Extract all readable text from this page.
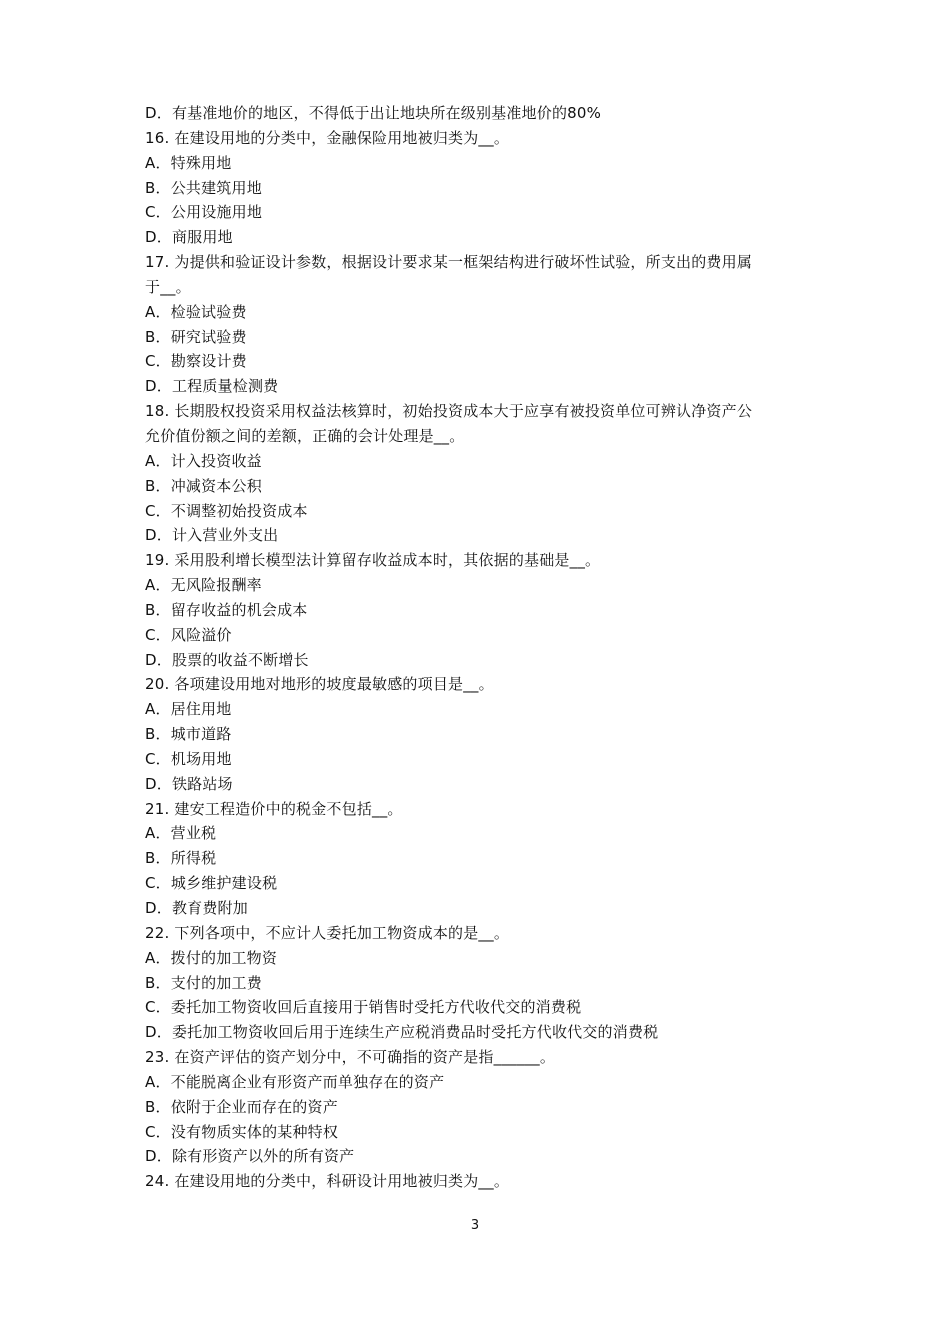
D．有基准地价的地区，不得低于出让地块所在级别基准地价的80%
16. 在建设用地的分类中，金融保险用地被归类为__。
A．特殊用地
B．公共建筑用地
C．公用设施用地
D．商服用地
17. 为提供和验证设计参数，根据设计要求某一框架结构进行破坏性试验，所支出的费用属
于__。
A．检验试验费
B．研究试验费
C．勘察设计费
D．工程质量检测费
18. 长期股权投资采用权益法核算时，初始投资成本大于应享有被投资单位可辨认净资产公
允价值份额之间的差额，正确的会计处理是__。
A．计入投资收益
B．冲减资本公积
C．不调整初始投资成本
D．计入营业外支出
19. 采用股利增长模型法计算留存收益成本时，其依据的基础是__。
A．无风险报酬率
B．留存收益的机会成本
C．风险溢价
D．股票的收益不断增长
20. 各项建设用地对地形的坡度最敏感的项目是__。
A．居住用地
B．城市道路
C．机场用地
D．铁路站场
21. 建安工程造价中的税金不包括__。
A．营业税
B．所得税
C．城乡维护建设税
D．教育费附加
22. 下列各项中，不应计人委托加工物资成本的是__。
A．拨付的加工物资
B．支付的加工费
C．委托加工物资收回后直接用于销售时受托方代收代交的消费税
D．委托加工物资收回后用于连续生产应税消费品时受托方代收代交的消费税
23. 在资产评估的资产划分中，不可确指的资产是指______。
A．不能脱离企业有形资产而单独存在的资产
B．依附于企业而存在的资产
C．没有物质实体的某种特权
D．除有形资产以外的所有资产
24. 在建设用地的分类中，科研设计用地被归类为__。
3
